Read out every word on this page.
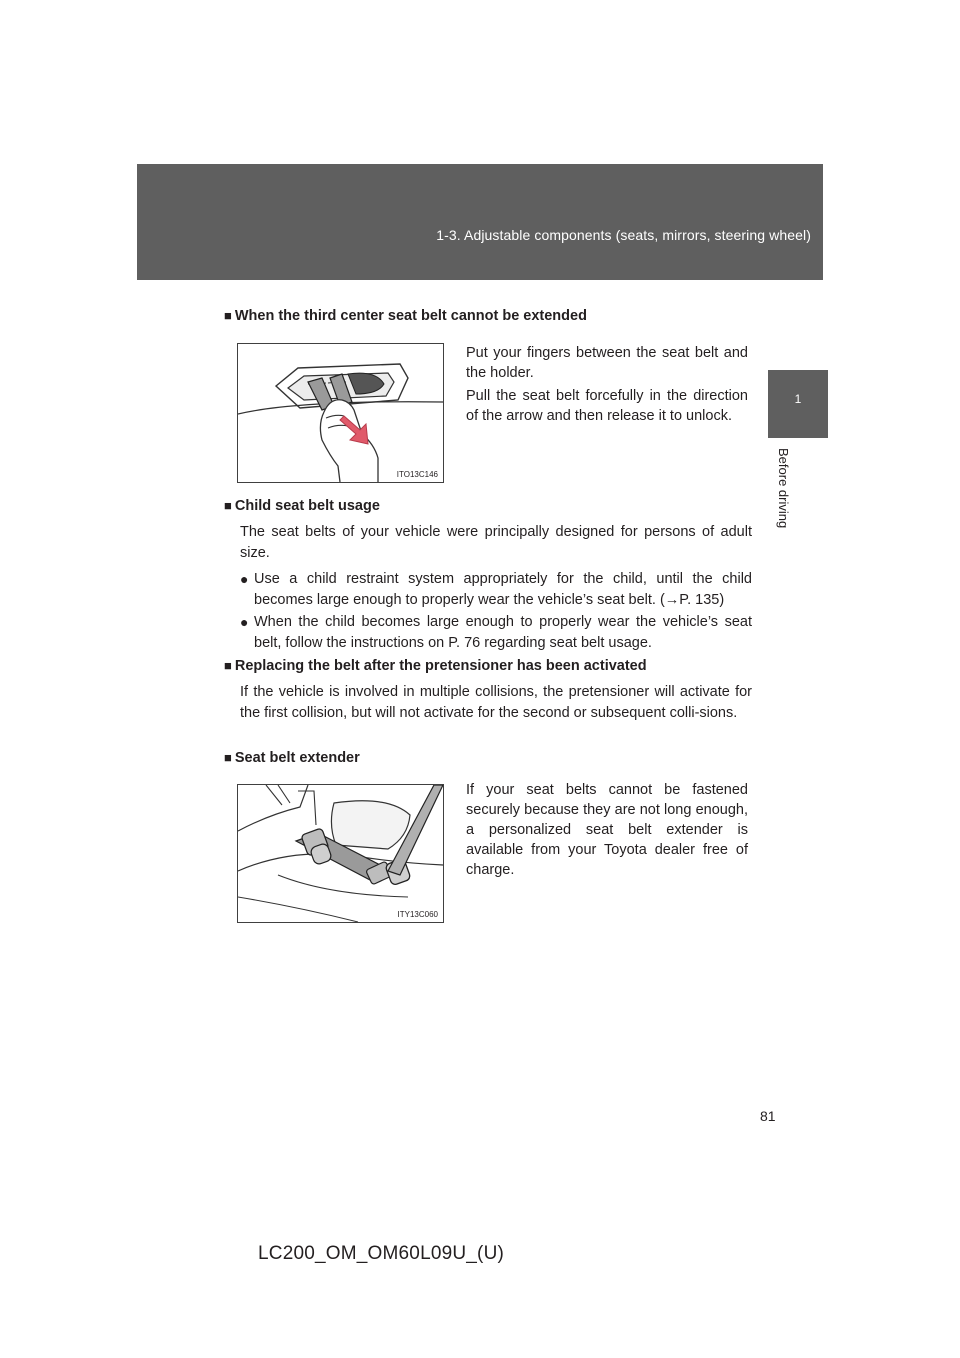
1-3. Adjustable components (seats, mirrors, steering wheel)
1
Before driving
■ When the third center seat belt cannot be extended
ITO13C146
Put your fingers between the seat belt and the holder.
Pull the seat belt forcefully in the direction of the arrow and then release it to unlock.
■ Child seat belt usage
The seat belts of your vehicle were principally designed for persons of adult size.
● Use a child restraint system appropriately for the child, until the child becomes large enough to properly wear the vehicle’s seat belt. (→P. 135)
● When the child becomes large enough to properly wear the vehicle’s seat belt, follow the instructions on P. 76 regarding seat belt usage.
■ Replacing the belt after the pretensioner has been activated
If the vehicle is involved in multiple collisions, the pretensioner will activate for the first collision, but will not activate for the second or subsequent colli-sions.
■ Seat belt extender
ITY13C060
If your seat belts cannot be fastened securely because they are not long enough, a personalized seat belt extender is available from your Toyota dealer free of charge.
81
LC200_OM_OM60L09U_(U)
